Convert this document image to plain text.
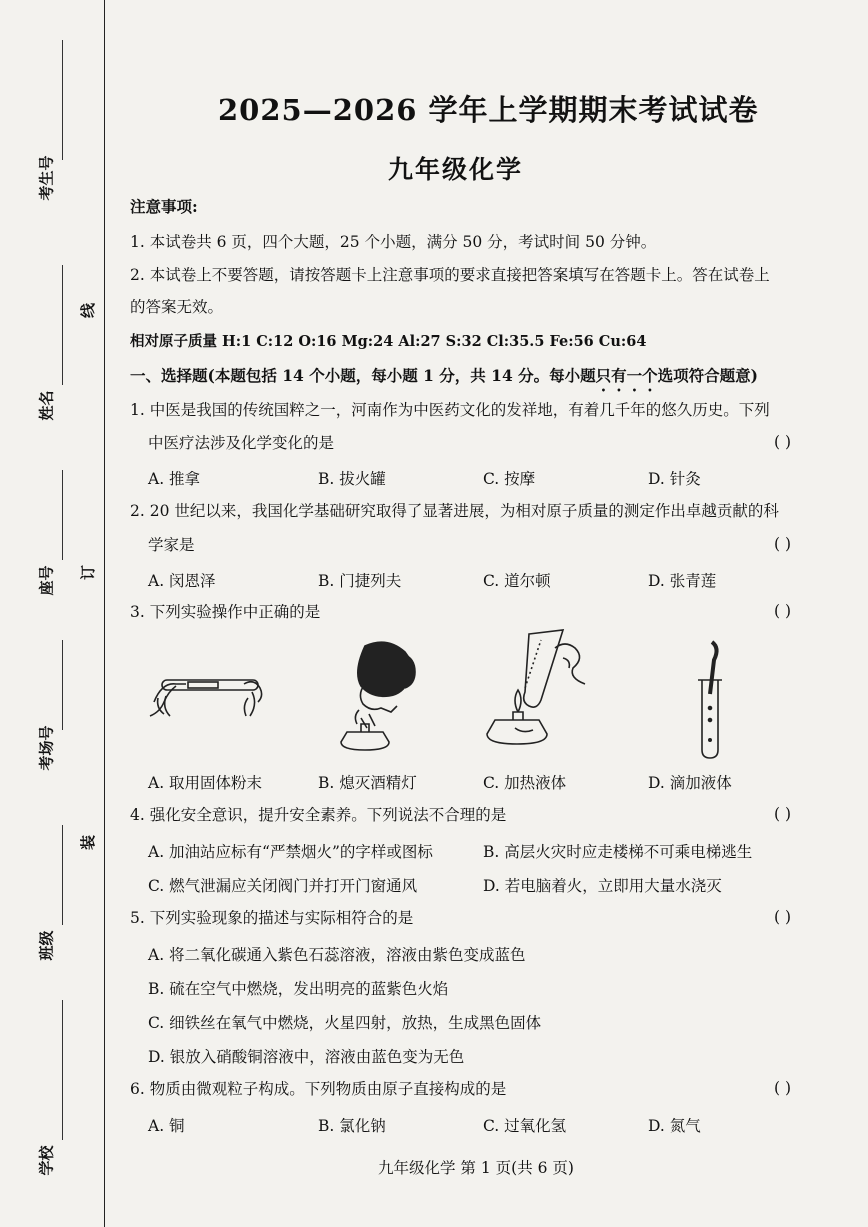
考生号
姓名
座号
考场号
班级
学校
线
订
装
2025—2026 学年上学期期末考试试卷
九年级化学
注意事项:
1. 本试卷共 6 页，四个大题，25 个小题，满分 50 分，考试时间 50 分钟。
2. 本试卷上不要答题，请按答题卡上注意事项的要求直接把答案填写在答题卡上。答在试卷上
的答案无效。
相对原子质量 H:1 C:12 O:16 Mg:24 Al:27 S:32 Cl:35.5 Fe:56 Cu:64
一、选择题(本题包括 14 个小题，每小题 1 分，共 14 分。每小题只有一个选项符合题意)
1. 中医是我国的传统国粹之一，河南作为中医药文化的发祥地，有着几千年的悠久历史。下列
中医疗法涉及化学变化的是	( )
A. 推拿	B. 拔火罐	C. 按摩	D. 针灸
2. 20 世纪以来，我国化学基础研究取得了显著进展，为相对原子质量的测定作出卓越贡献的科
学家是	( )
A. 闵恩泽	B. 门捷列夫	C. 道尔顿	D. 张青莲
3. 下列实验操作中正确的是	( )
A. 取用固体粉末	B. 熄灭酒精灯	C. 加热液体	D. 滴加液体
4. 强化安全意识，提升安全素养。下列说法不合理的是	( )
A. 加油站应标有“严禁烟火”的字样或图标	B. 高层火灾时应走楼梯不可乘电梯逃生
C. 燃气泄漏应关闭阀门并打开门窗通风	D. 若电脑着火，立即用大量水浇灭
5. 下列实验现象的描述与实际相符合的是	( )
A. 将二氧化碳通入紫色石蕊溶液，溶液由紫色变成蓝色
B. 硫在空气中燃烧，发出明亮的蓝紫色火焰
C. 细铁丝在氧气中燃烧，火星四射，放热，生成黑色固体
D. 银放入硝酸铜溶液中，溶液由蓝色变为无色
6. 物质由微观粒子构成。下列物质由原子直接构成的是	( )
A. 铜	B. 氯化钠	C. 过氧化氢	D. 氮气
九年级化学 第 1 页(共 6 页)
